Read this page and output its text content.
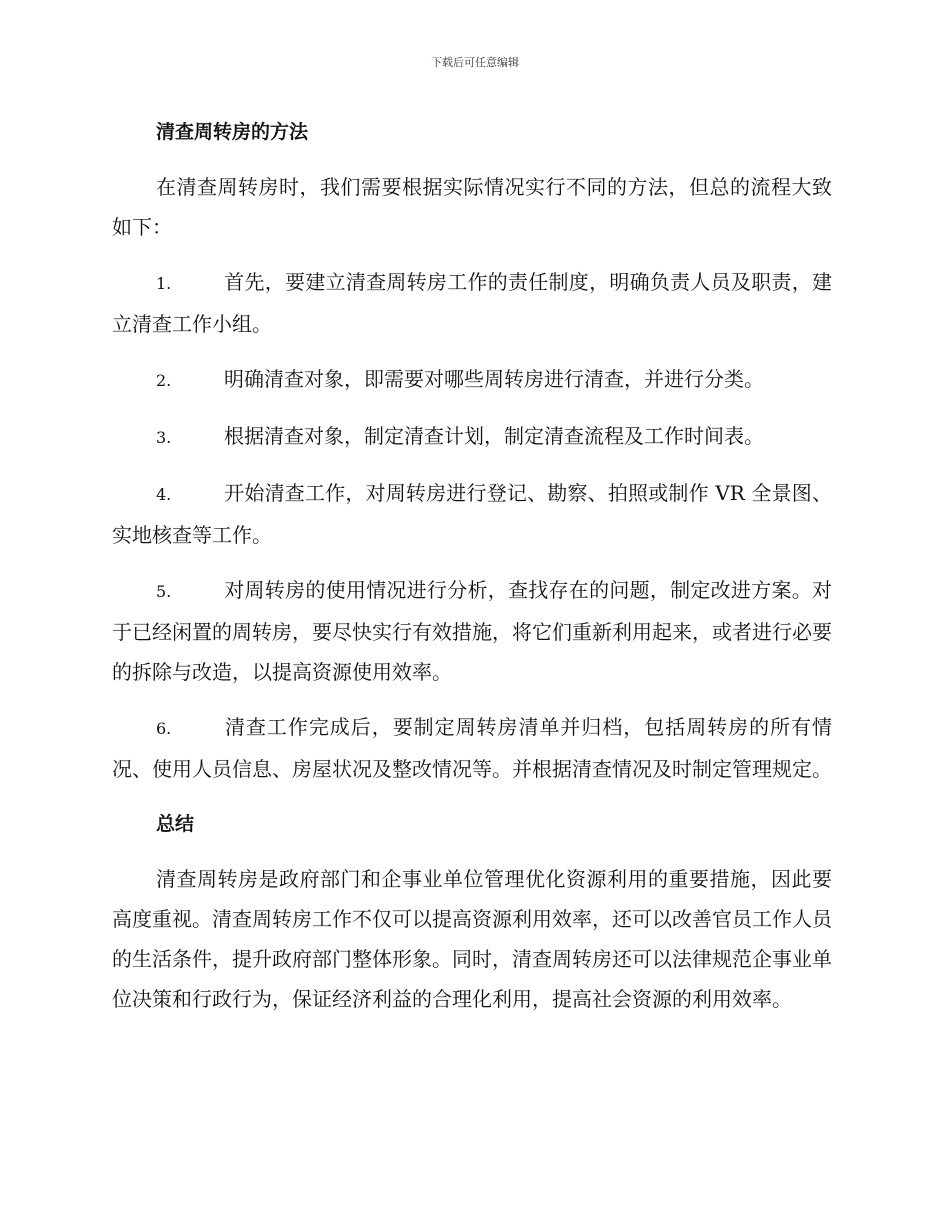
下载后可任意编辑
清查周转房的方法
在清查周转房时，我们需要根据实际情况实行不同的方法，但总的流程大致如下：
1.	首先，要建立清查周转房工作的责任制度，明确负责人员及职责，建立清查工作小组。
2.	明确清查对象，即需要对哪些周转房进行清查，并进行分类。
3.	根据清查对象，制定清查计划，制定清查流程及工作时间表。
4.	开始清查工作，对周转房进行登记、勘察、拍照或制作 VR 全景图、实地核查等工作。
5.	对周转房的使用情况进行分析，查找存在的问题，制定改进方案。对于已经闲置的周转房，要尽快实行有效措施，将它们重新利用起来，或者进行必要的拆除与改造，以提高资源使用效率。
6.	清查工作完成后，要制定周转房清单并归档，包括周转房的所有情况、使用人员信息、房屋状况及整改情况等。并根据清查情况及时制定管理规定。
总结
清查周转房是政府部门和企事业单位管理优化资源利用的重要措施，因此要高度重视。清查周转房工作不仅可以提高资源利用效率，还可以改善官员工作人员的生活条件，提升政府部门整体形象。同时，清查周转房还可以法律规范企事业单位决策和行政行为，保证经济利益的合理化利用，提高社会资源的利用效率。
